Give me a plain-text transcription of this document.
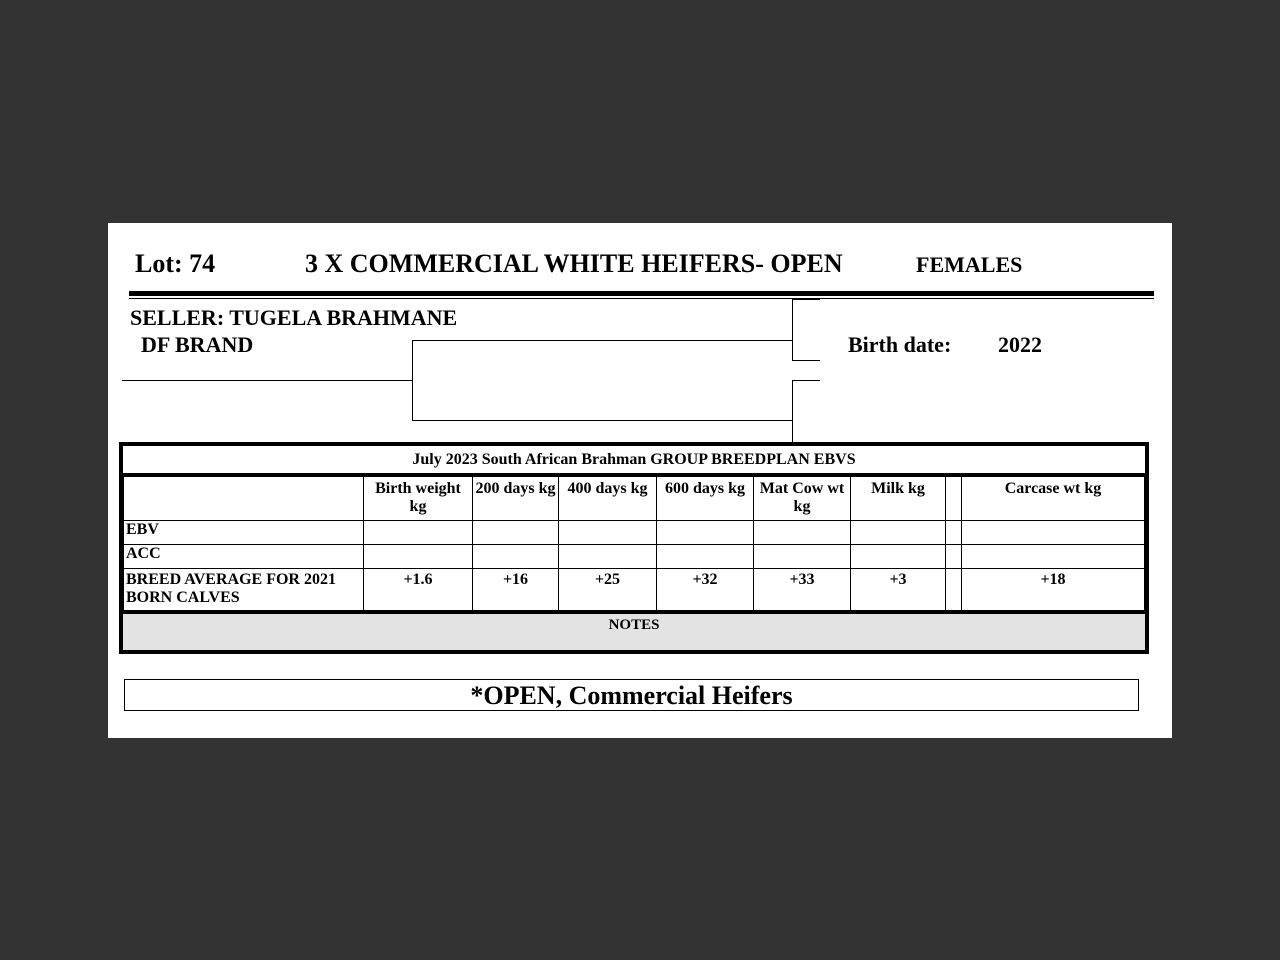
Lot: 74	3 X COMMERCIAL WHITE HEIFERS- OPEN	FEMALES
SELLER: TUGELA BRAHMANE
DF BRAND	Birth date: 2022
July 2023 South African Brahman GROUP BREEDPLAN EBVS								
	Birth weight kg	200 days kg	400 days kg	600 days kg	Mat Cow wt kg	Milk kg		Carcase wt kg
EBV								
ACC								
BREED AVERAGE FOR 2021 BORN CALVES	+1.6	+16	+25	+32	+33	+3		+18
NOTES
*OPEN, Commercial Heifers
